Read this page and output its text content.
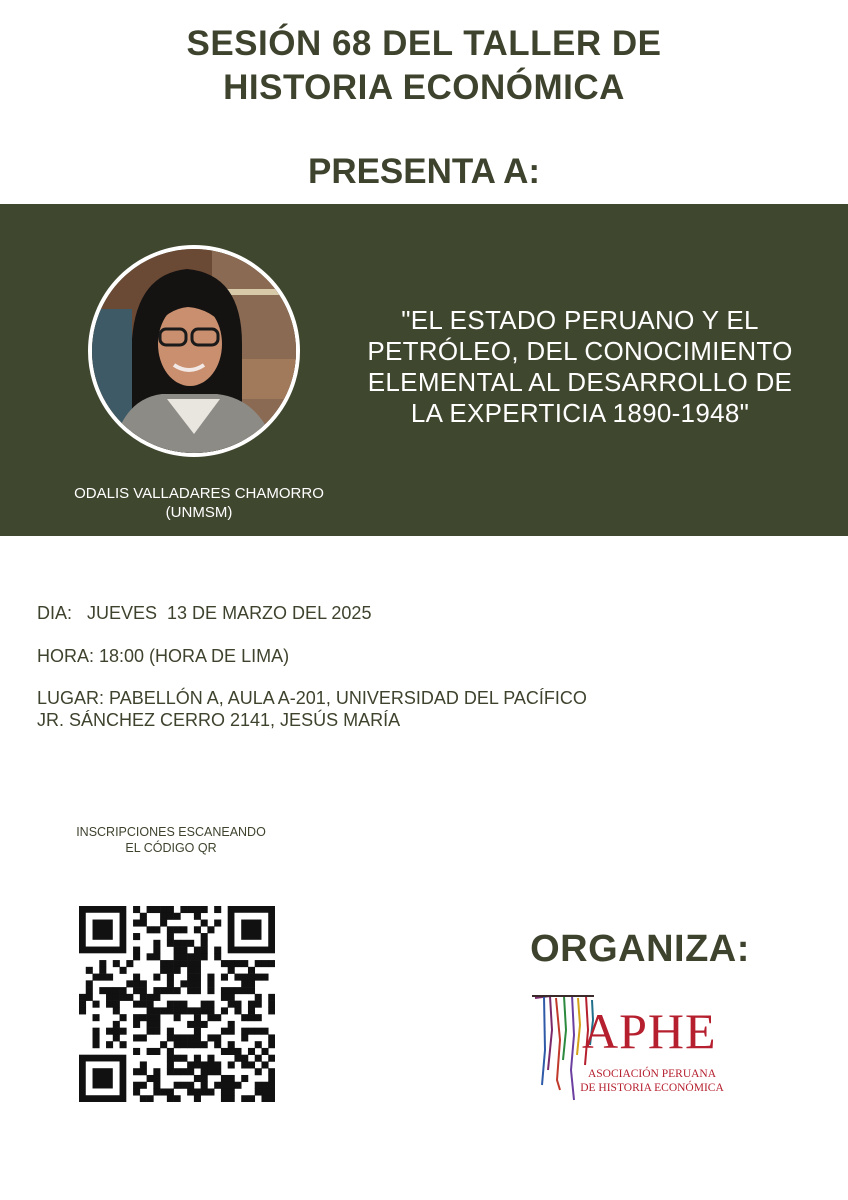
SESIÓN 68 DEL TALLER DE
HISTORIA ECONÓMICA
PRESENTA A:
ODALIS VALLADARES CHAMORRO
(UNMSM)
"EL ESTADO PERUANO Y EL
PETRÓLEO, DEL CONOCIMIENTO
ELEMENTAL AL DESARROLLO DE
LA EXPERTICIA 1890-1948"
DIA:   JUEVES  13 DE MARZO DEL 2025
HORA: 18:00 (HORA DE LIMA)
LUGAR: PABELLÓN A, AULA A-201, UNIVERSIDAD DEL PACÍFICO
JR. SÁNCHEZ CERRO 2141, JESÚS MARÍA
INSCRIPCIONES ESCANEANDO
EL CÓDIGO QR
ORGANIZA:
APHE
ASOCIACIÓN PERUANA
DE HISTORIA ECONÓMICA
